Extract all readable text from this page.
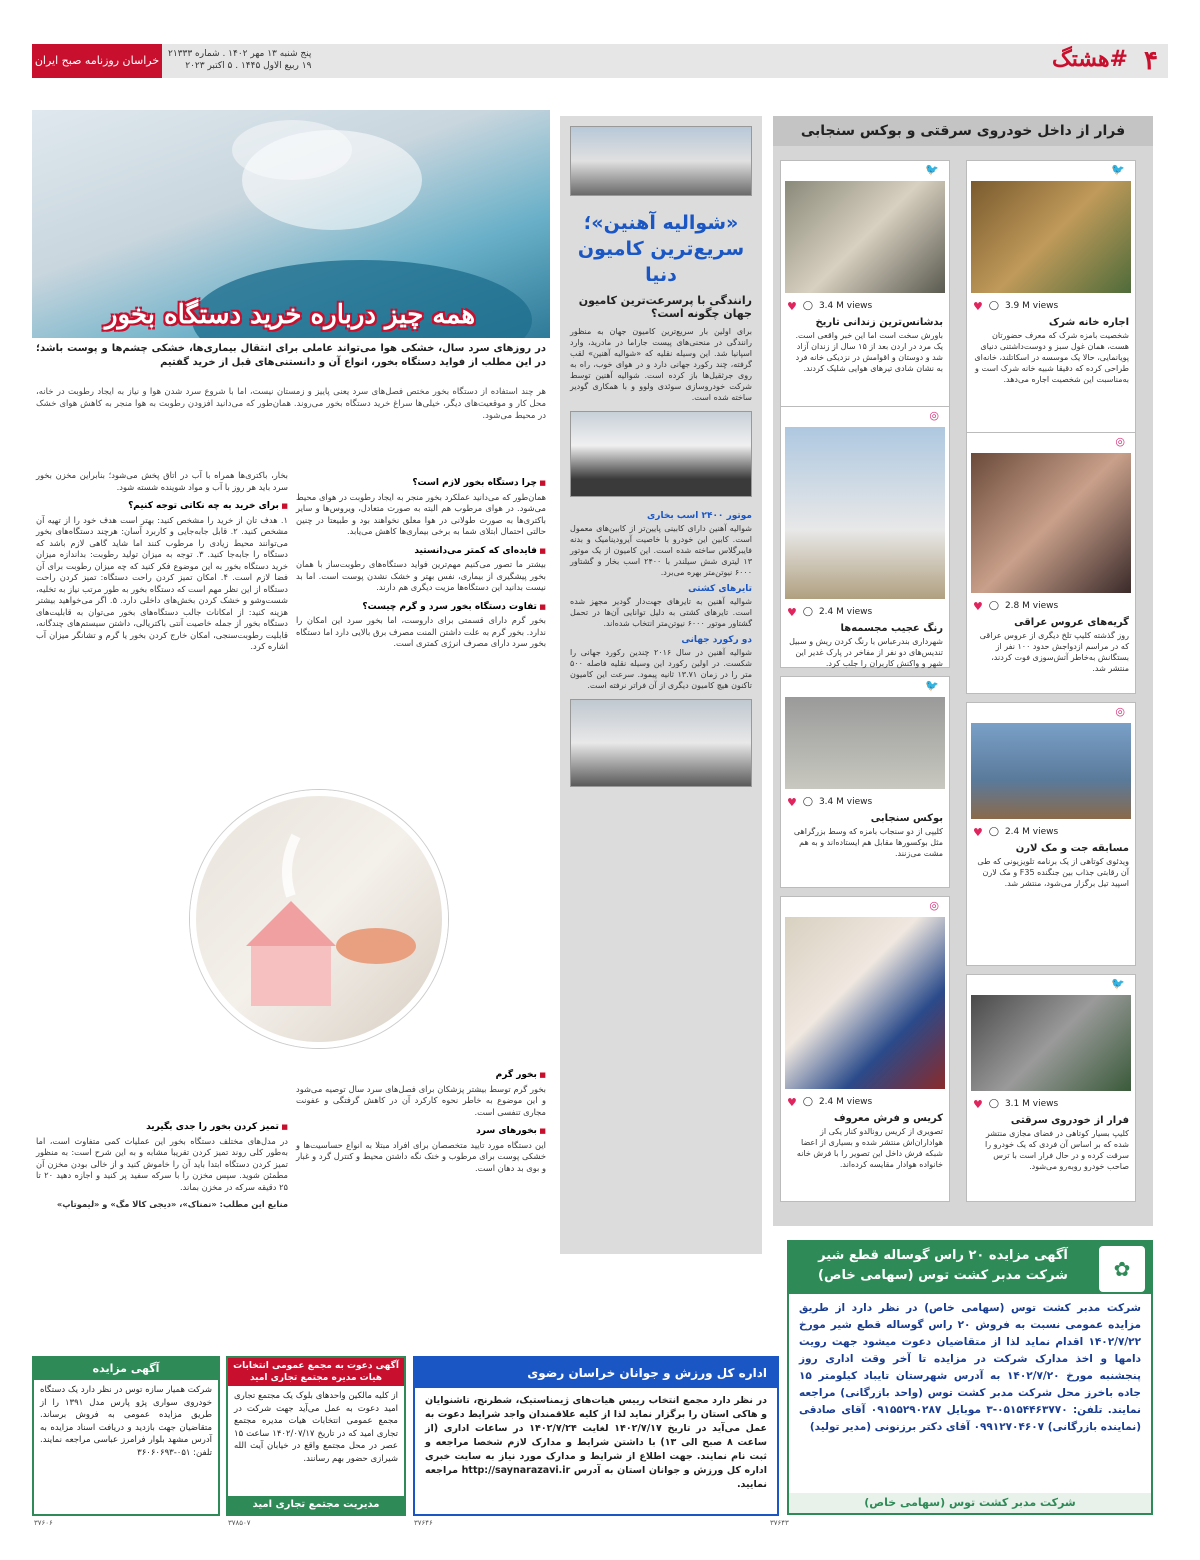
۴
#هشتگ
خراسان روزنامه صبح ایران پنج شنبه ۱۳ مهر ۱۴۰۲ . شماره ۲۱۳۳۳
۱۹ ربیع الاول ۱۴۴۵ . ۵ اکتبر ۲۰۲۳
فرار از داخل خودروی سرقتی و بوکس سنجابی
🐦
♥ ◯ 3.9 M views
اجاره خانه شرک
شخصیت بامزه شرک که معرف حضورتان هست، همان غول سبز و دوست‌داشتنی دنیای پویانمایی، حالا یک موسسه در اسکاتلند، خانه‌ای طراحی کرده که دقیقا شبیه خانه شرک است و به‌مناسبت این شخصیت اجاره می‌دهد.
🐦
♥ ◯ 3.4 M views
بدشانس‌ترین زندانی تاریخ
باورش سخت است اما این خبر واقعی است. یک مرد در اردن بعد از ۱۵ سال از زندان آزاد شد و دوستان و اقوامش در نزدیکی خانه فرد به نشان شادی تیرهای هوایی شلیک کردند.
◎
♥ ◯ 2.8 M views
گریه‌های عروس عراقی
روز گذشته کلیپ تلخ دیگری از عروس عراقی که در مراسم ازدواجش حدود ۱۰۰ نفر از بستگانش به‌خاطر آتش‌سوزی فوت کردند، منتشر شد.
◎
♥ ◯ 2.4 M views
رنگ عجیب مجسمه‌ها
شهرداری بندرعباس با رنگ کردن ریش و سبیل تندیس‌های دو نفر از مفاخر در پارک غدیر این شهر و واکنش کاربران را جلب کرد.
◎
♥ ◯ 2.4 M views
مسابقه جت و مک لارن
ویدئوی کوتاهی از یک برنامه تلویزیونی که طی آن رقابتی جذاب بین جنگنده F35 و مک لارن اسپید تیل برگزار می‌شود، منتشر شد.
🐦
♥ ◯ 3.4 M views
بوکس سنجابی
کلیپی از دو سنجاب بامزه که وسط بزرگراهی مثل بوکسورها مقابل هم ایستاده‌اند و به هم مشت می‌زنند.
🐦
♥ ◯ 3.1 M views
فرار از خودروی سرقتی
کلیپ بسیار کوتاهی در فضای مجازی منتشر شده که بر اساس آن فردی که یک خودرو را سرقت کرده و در حال فرار است با ترس صاحب خودرو روبه‌رو می‌شود.
◎
♥ ◯ 2.4 M views
کریس و فرش معروف
تصویری از کریس رونالدو کنار یکی از هواداران‌اش منتشر شده و بسیاری از اعضا شبکه فرش داخل این تصویر را با فرش خانه خانواده هوادار مقایسه کرده‌اند.
«شوالیه آهنین»؛ سریع‌ترین کامیون دنیا
رانندگی با پرسرعت‌ترین کامیون جهان چگونه است؟
برای اولین بار سریع‌ترین کامیون جهان به منظور رانندگی در منحنی‌های پیست جاراما در مادرید، وارد اسپانیا شد. این وسیله نقلیه که «شوالیه آهنین» لقب گرفته، چند رکورد جهانی دارد و در هوای خوب، راه به روی جرثقیل‌ها باز کرده است. شوالیه آهنین توسط شرکت خودروسازی سوئدی ولوو و با همکاری گودیر ساخته شده است.
موتور ۲۴۰۰ اسب بخاری
شوالیه آهنین دارای کابینی پایین‌تر از کابین‌های معمول است. کابین این خودرو با خاصیت آیرودینامیک و بدنه فایبرگلاس ساخته شده است. این کامیون از یک موتور ۱۳ لیتری شش سیلندر با ۲۴۰۰ اسب بخار و گشتاور ۶۰۰۰ نیوتن‌متر بهره می‌برد.
تایرهای کشتی
شوالیه آهنین به تایرهای جهت‌دار گودیر مجهز شده است. تایرهای کشتی به دلیل توانایی آن‌ها در تحمل گشتاور موتور ۶۰۰۰ نیوتن‌متر انتخاب شده‌اند.
دو رکورد جهانی
شوالیه آهنین در سال ۲۰۱۶ چندین رکورد جهانی را شکست. در اولین رکورد این وسیله نقلیه فاصله ۵۰۰ متر را در زمان ۱۳.۷۱ ثانیه پیمود. سرعت این کامیون تاکنون هیچ کامیون دیگری از آن فراتر نرفته است.
همه چیز درباره خرید دستگاه بخور
در روزهای سرد سال، خشکی هوا می‌تواند عاملی برای انتقال بیماری‌ها، خشکی چشم‌ها و پوست باشد؛ در این مطلب از فواید دستگاه بخور، انواع آن و دانستنی‌های قبل از خرید گفتیم
هر چند استفاده از دستگاه بخور مختص فصل‌های سرد یعنی پاییز و زمستان نیست، اما با شروع سرد شدن هوا و نیاز به ایجاد رطوبت در خانه، محل کار و موقعیت‌های دیگر، خیلی‌ها سراغ خرید دستگاه بخور می‌روند. همان‌طور که می‌دانید افزودن رطوبت به هوا منجر به کاهش هوای خشک در محیط می‌شود.
■ چرا دستگاه بخور لازم است؟

همان‌طور که می‌دانید عملکرد بخور منجر به ایجاد رطوبت در هوای محیط می‌شود. در هوای مرطوب هم البته به صورت متعادل، ویروس‌ها و سایر باکتری‌ها به صورت طولانی در هوا معلق نخواهند بود و طبیعتا در چنین حالتی احتمال ابتلای شما به برخی بیماری‌ها کاهش می‌یابد.

■ فایده‌ای که کمتر می‌دانستید

بیشتر ما تصور می‌کنیم مهم‌ترین فواید دستگاه‌های رطوبت‌ساز با همان بخور پیشگیری از بیماری، نفس بهتر و خشک نشدن پوست است. اما بد نیست بدانید این دستگاه‌ها مزیت دیگری هم دارند.

■ تفاوت دستگاه بخور سرد و گرم چیست؟

بخور گرم دارای قسمتی برای داروست، اما بخور سرد این امکان را ندارد. بخور گرم به علت داشتن المنت مصرف برق بالایی دارد اما دستگاه بخور سرد دارای مصرف انرژی کمتری است.

■ بخور گرم

بخور گرم توسط بیشتر پزشکان برای فصل‌های سرد سال توصیه می‌شود و این موضوع به خاطر نحوه کارکرد آن در کاهش گرفتگی و عفونت مجاری تنفسی است.

■ بخورهای سرد

این دستگاه مورد تایید متخصصان برای افراد مبتلا به انواع حساسیت‌ها و خشکی پوست برای مرطوب و خنک نگه داشتن محیط و کنترل گرد و غبار و بوی بد دهان است.

بخار، باکتری‌ها همراه با آب در اتاق پخش می‌شود؛ بنابراین مخزن بخور سرد باید هر روز با آب و مواد شوینده شسته شود.

■ برای خرید به چه نکاتی توجه کنیم؟

۱. هدف تان از خرید را مشخص کنید: بهتر است هدف خود را از تهیه آن مشخص کنید. ۲. قابل جابه‌جایی و کاربرد آسان: هرچند دستگاه‌های بخور می‌توانند محیط زیادی را مرطوب کنند اما شاید گاهی لازم باشد که دستگاه را جابه‌جا کنید. ۳. توجه به میزان تولید رطوبت: بداندازه میزان خرید دستگاه بخور به این موضوع فکر کنید که چه میزان رطوبت برای آن فضا لازم است. ۴. امکان تمیز کردن راحت دستگاه: تمیز کردن راحت دستگاه از این نظر مهم است که دستگاه بخور به طور مرتب نیاز به تخلیه، شست‌وشو و خشک کردن بخش‌های داخلی دارد. ۵. اگر می‌خواهید بیشتر هزینه کنید: از امکانات جالب دستگاه‌های بخور می‌توان به قابلیت‌های دستگاه بخور از جمله خاصیت آنتی باکتریالی، داشتن سیستم‌های چندگانه، قابلیت رطوبت‌سنجی، امکان خارج کردن بخور یا گرم و تشانگر میزان آب اشاره کرد.

■ تمیز کردن بخور را جدی بگیرید

در مدل‌های مختلف دستگاه بخور این عملیات کمی متفاوت است، اما به‌طور کلی روند تمیز کردن تقریبا مشابه و به این شرح است: به منظور تمیز کردن دستگاه ابتدا باید آن را خاموش کنید و از خالی بودن مخزن آن مطمئن شوید. سپس مخزن را با سرکه سفید پر کنید و اجازه دهید ۲۰ تا ۲۵ دقیقه سرکه در مخزن بماند.

منابع این مطلب: «نمناک»، «دیجی کالا مگ» و «لیموتاپ»

آگهی مزایده ۲۰ راس گوساله قطع شیر شرکت مدبر کشت توس (سهامی خاص)	✿
شرکت مدبر کشت توس (سهامی خاص) در نظر دارد از طریق مزایده عمومی نسبت به فروش ۲۰ راس گوساله قطع شیر مورخ ۱۴۰۲/۷/۲۲ اقدام نماید لذا از متقاضیان دعوت میشود جهت رویت دامها و اخذ مدارک شرکت در مزایده تا آخر وقت اداری روز پنجشنبه مورخ ۱۴۰۲/۷/۲۰ به آدرس شهرستان تایباد کیلومتر ۱۵ جاده باخرز محل شرکت مدبر کشت توس (واحد بازرگانی) مراجعه نمایند. تلفن: ۰۵۱۵۴۴۶۳۷۷۰-۳ موبایل ۰۹۱۵۵۲۹۰۲۸۷ آقای صادقی (نماینده بازرگانی) ۰۹۹۱۲۷۰۴۶۰۷ آقای دکتر برزنونی (مدیر تولید)
شرکت مدبر کشت توس (سهامی خاص)
۳۷۶۴۳
اداره کل ورزش و جوانان خراسان رضوی
در نظر دارد مجمع انتخاب رییس هیات‌های ژیمناستیک، شطرنج، تاشنوایان و هاکی استان را برگزار نماید لذا از کلیه علاقمندان واجد شرایط دعوت به عمل می‌آید در تاریخ ۱۴۰۲/۷/۱۷ لغایت ۱۴۰۲/۷/۲۴ در ساعات اداری (از ساعت ۸ صبح الی ۱۳) با داشتن شرایط و مدارک لازم شخصا مراجعه و ثبت نام نمایند. جهت اطلاع از شرایط و مدارک مورد نیاز به سایت خبری اداره کل ورزش و جوانان استان به آدرس http://saynarazavi.ir مراجعه نمایید.
۳۷۶۴۶
آگهی دعوت به مجمع عمومی انتخابات هیات مدیره مجتمع تجاری امید
از کلیه مالکین واحدهای بلوک یک مجتمع تجاری امید دعوت به عمل می‌آید جهت شرکت در مجمع عمومی انتخابات هیات مدیره مجتمع تجاری امید که در تاریخ ۱۴۰۲/۰۷/۱۷ ساعت ۱۵ عصر در محل مجتمع واقع در خیابان آیت الله شیرازی حضور بهم رسانند.
مدیریت مجتمع تجاری امید
۳۷۸۵۰۷
آگهی مزایده
شرکت همیار سازه توس در نظر دارد یک دستگاه خودروی سواری پژو پارس مدل ۱۳۹۱ را از طریق مزایده عمومی به فروش برساند. متقاضیان جهت بازدید و دریافت اسناد مزایده به آدرس مشهد بلوار فرامرز عباسی مراجعه نمایند. تلفن: ۰۵۱-۳۶۰۶۰۶۹۳
۳۷۶۰۶
